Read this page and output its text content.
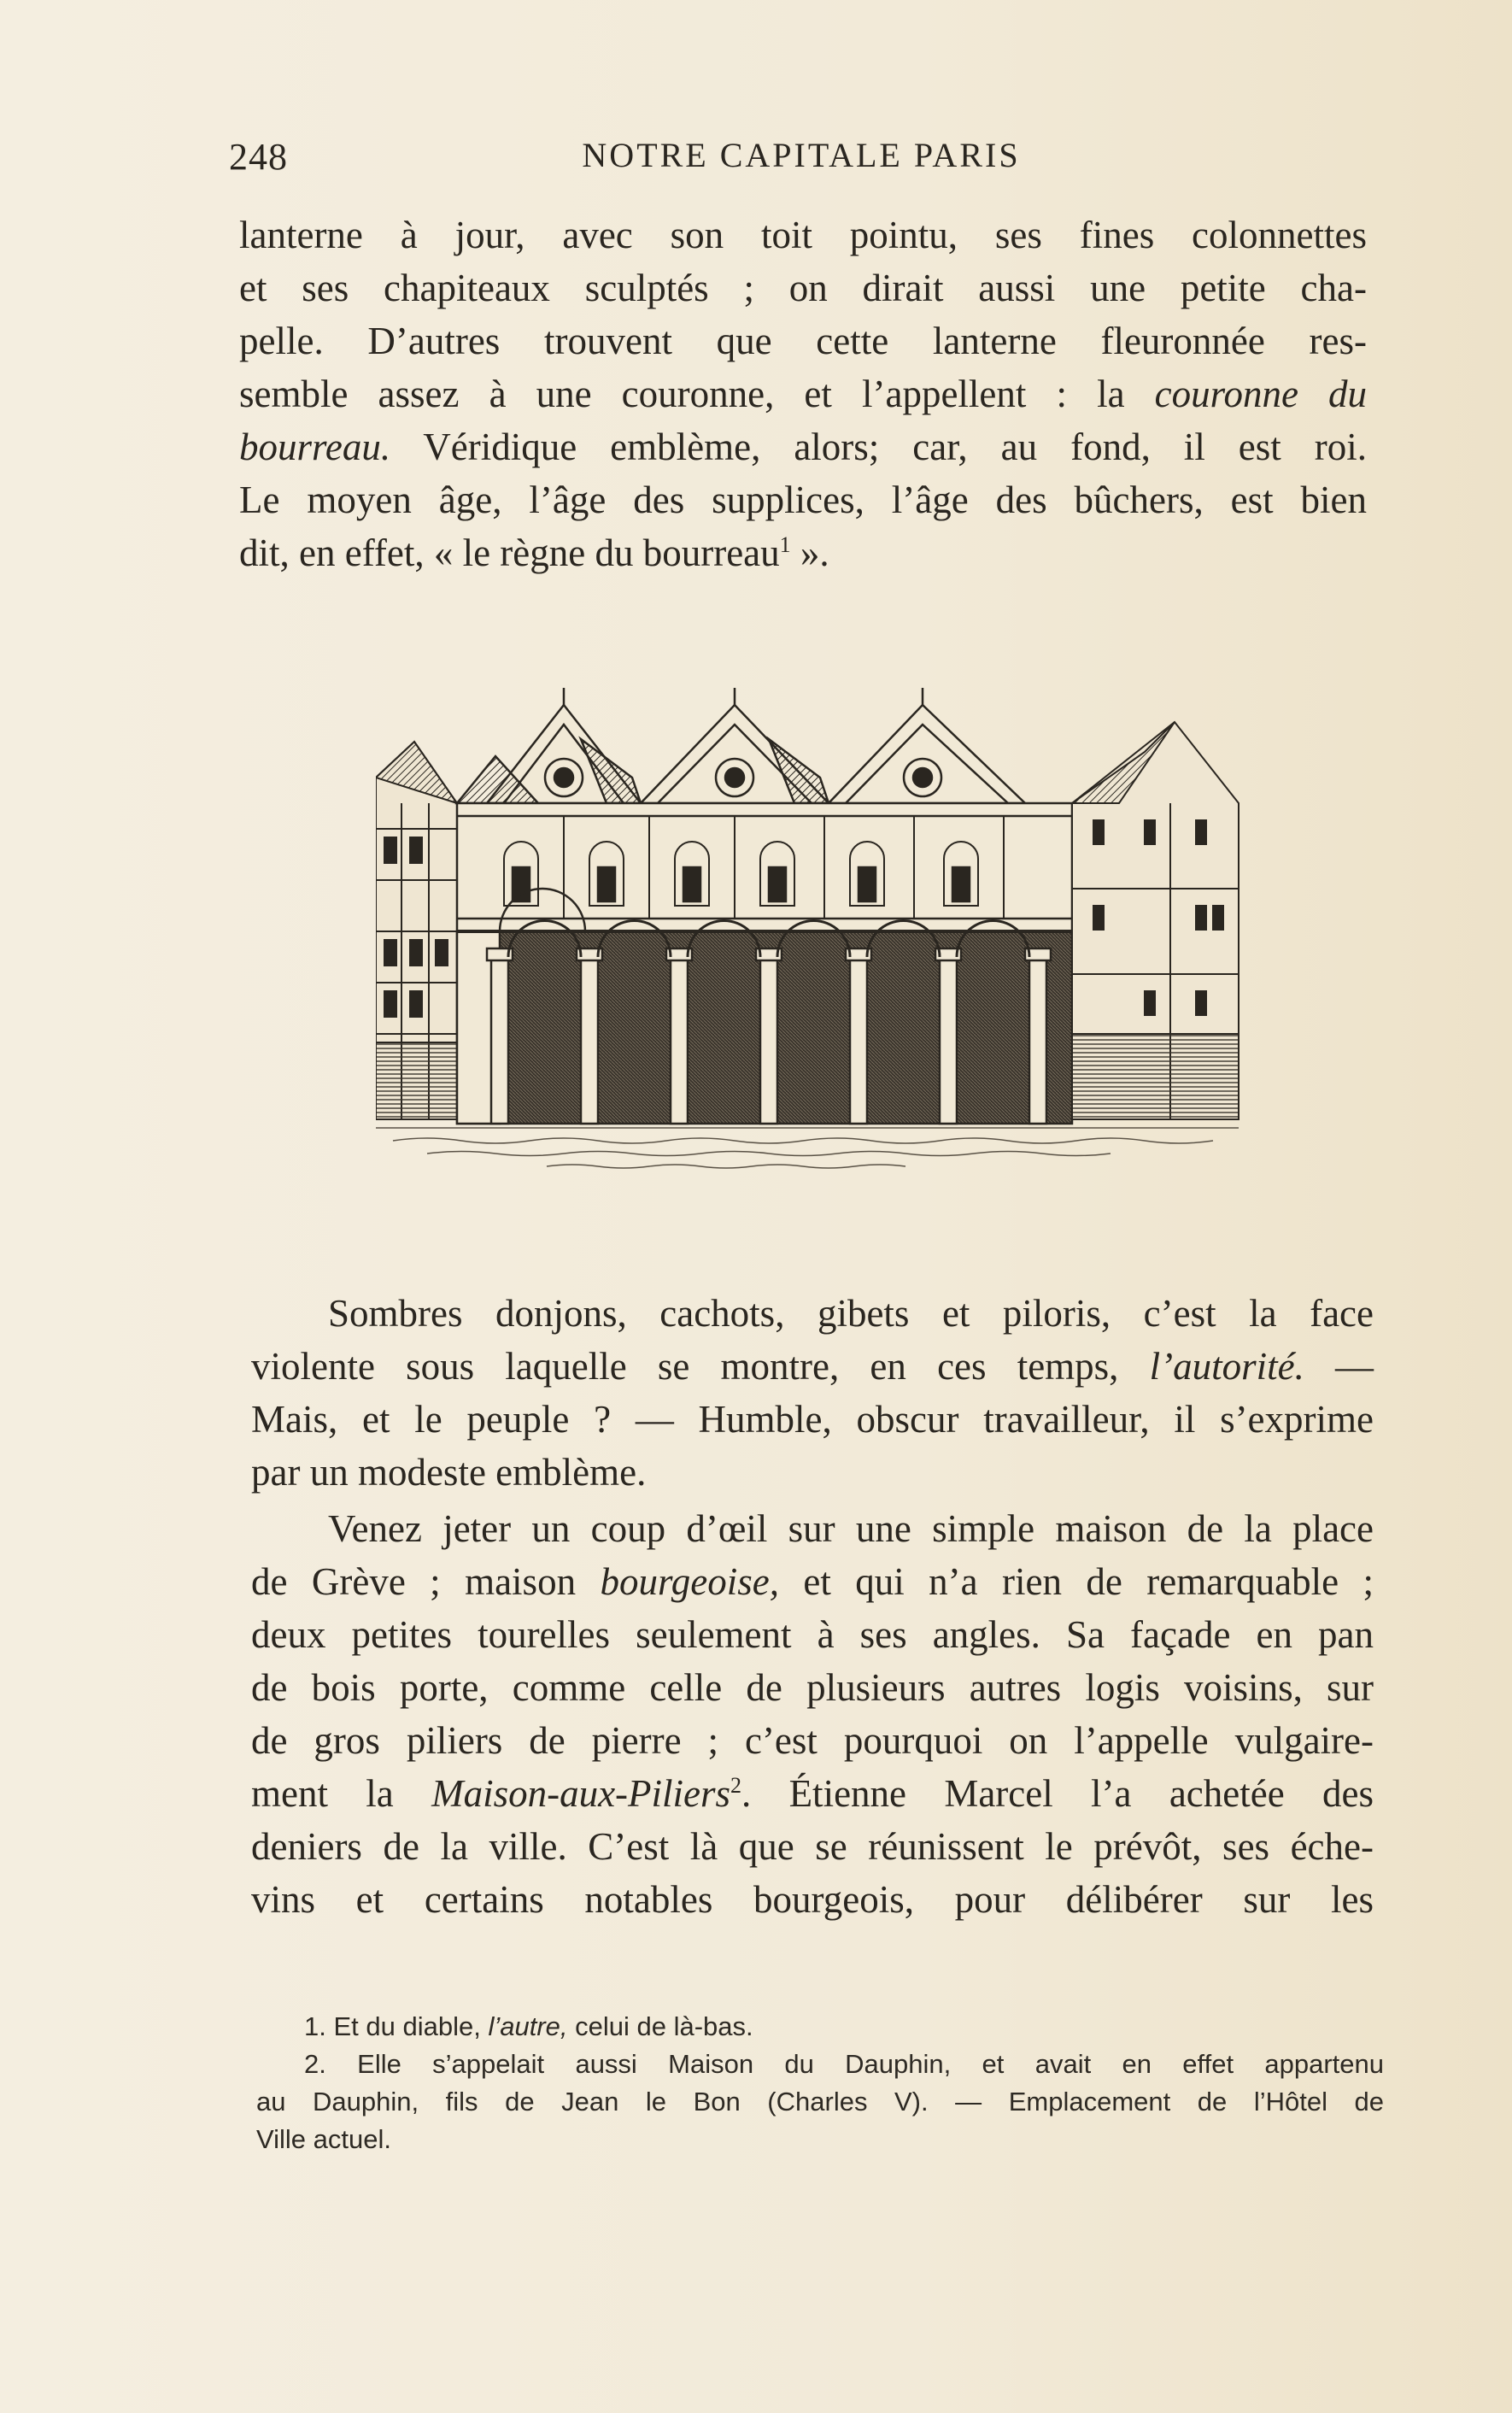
248	NOTRE CAPITALE PARIS
lanterne à jour, avec son toit pointu, ses fines colonnettes
et ses chapiteaux sculptés ; on dirait aussi une petite cha-
pelle. D’autres trouvent que cette lanterne fleuronnée res-
semble assez à une couronne, et l’appellent : la couronne du
bourreau. Véridique emblème, alors; car, au fond, il est roi.
Le moyen âge, l’âge des supplices, l’âge des bûchers, est bien
dit, en effet, « le règne du bourreau$^1$ ».
Sombres donjons, cachots, gibets et piloris, c’est la face
violente sous laquelle se montre, en ces temps, l’autorité. —
Mais, et le peuple ? — Humble, obscur travailleur, il s’exprime
par un modeste emblème.
Venez jeter un coup d’œil sur une simple maison de la place
de Grève ; maison bourgeoise, et qui n’a rien de remarquable ;
deux petites tourelles seulement à ses angles. Sa façade en pan
de bois porte, comme celle de plusieurs autres logis voisins, sur
de gros piliers de pierre ; c’est pourquoi on l’appelle vulgaire-
ment la Maison-aux-Piliers$^2$. Étienne Marcel l’a achetée des
deniers de la ville. C’est là que se réunissent le prévôt, ses éche-
vins et certains notables bourgeois, pour délibérer sur les
1. Et du diable, l’autre, celui de là-bas.
2. Elle s’appelait aussi Maison du Dauphin, et avait en effet appartenu
au Dauphin, fils de Jean le Bon (Charles V). — Emplacement de l’Hôtel de
Ville actuel.
